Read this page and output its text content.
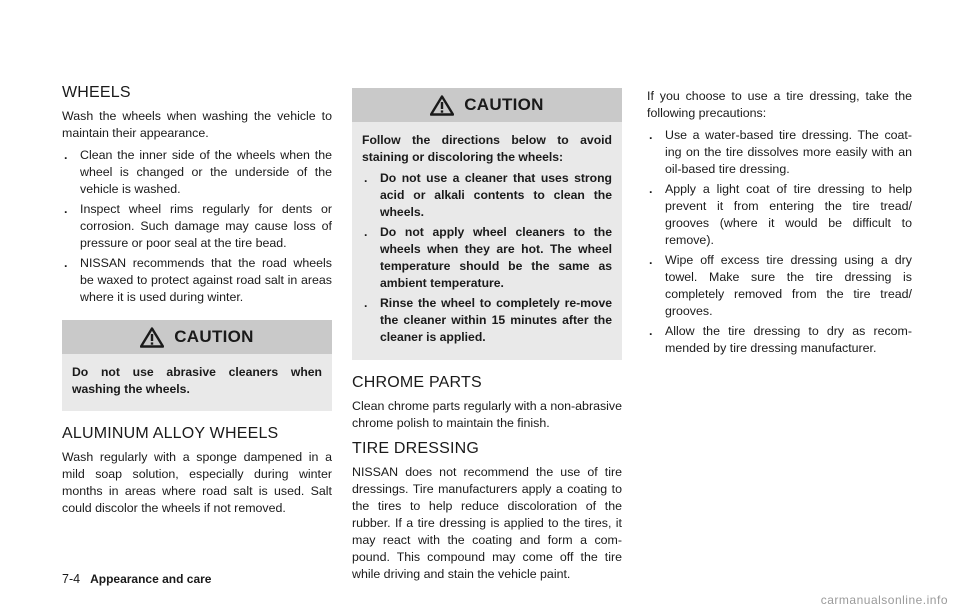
WHEELS

Wash the wheels when washing the vehicle to maintain their appearance.

. Clean the inner side of the wheels when the wheel is changed or the underside of the vehicle is washed.
. Inspect wheel rims regularly for dents or corrosion. Such damage may cause loss of pressure or poor seal at the tire bead.
. NISSAN recommends that the road wheels be waxed to protect against road salt in areas where it is used during winter.
CAUTION

Do not use abrasive cleaners when washing the wheels.

ALUMINUM ALLOY WHEELS

Wash regularly with a sponge dampened in a mild soap solution, especially during winter months in areas where road salt is used. Salt could discolor the wheels if not removed.

CAUTION

Follow the directions below to avoid staining or discoloring the wheels:

. Do not use a cleaner that uses strong acid or alkali contents to clean the wheels.
. Do not apply wheel cleaners to the wheels when they are hot. The wheel temperature should be the same as ambient temperature.
. Rinse the wheel to completely re-move the cleaner within 15 minutes after the cleaner is applied.
CHROME PARTS

Clean chrome parts regularly with a non-abrasive chrome polish to maintain the finish.

TIRE DRESSING

NISSAN does not recommend the use of tire dressings. Tire manufacturers apply a coating to the tires to help reduce discoloration of the rubber. If a tire dressing is applied to the tires, it may react with the coating and form a com-pound. This compound may come off the tire while driving and stain the vehicle paint.

If you choose to use a tire dressing, take the following precautions:

. Use a water-based tire dressing. The coat-ing on the tire dissolves more easily with an oil-based tire dressing.
. Apply a light coat of tire dressing to help prevent it from entering the tire tread/ grooves (where it would be difficult to remove).
. Wipe off excess tire dressing using a dry towel. Make sure the tire dressing is completely removed from the tire tread/ grooves.
. Allow the tire dressing to dry as recom-mended by tire dressing manufacturer.
7-4 Appearance and care
carmanualsonline.info
